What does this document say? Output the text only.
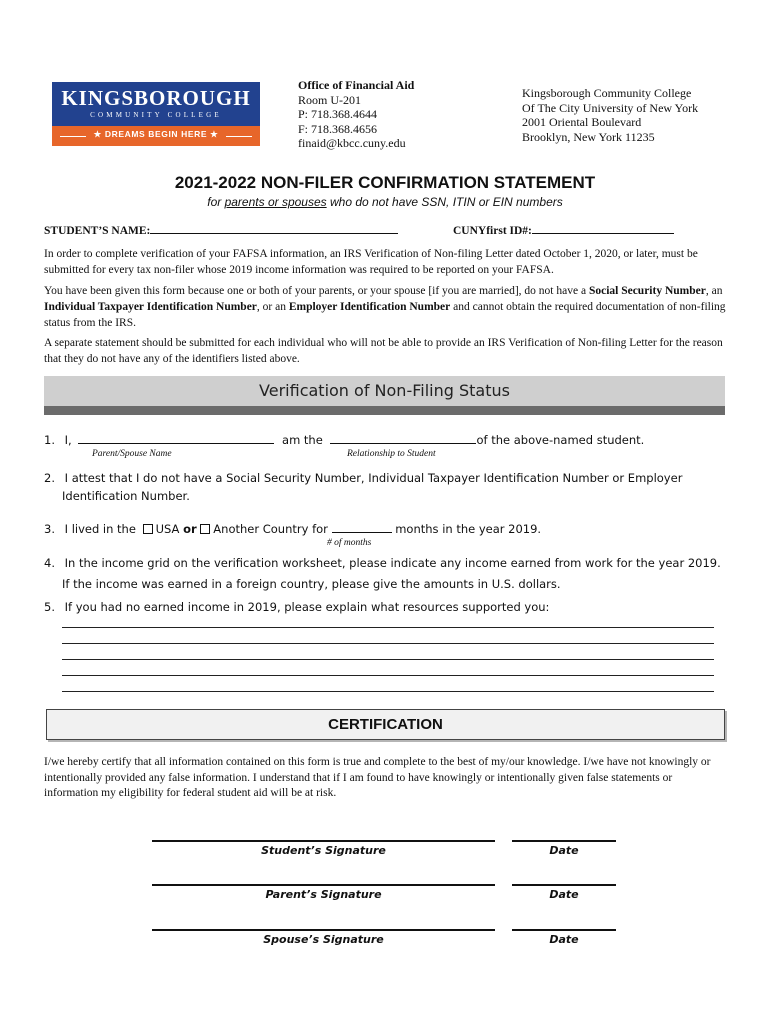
KINGSBOROUGH
COMMUNITY COLLEGE
★ DREAMS BEGIN HERE ★
Office of Financial Aid
Room U-201
P: 718.368.4644
F: 718.368.4656
finaid@kbcc.cuny.edu
Kingsborough Community College
Of The City University of New York
2001 Oriental Boulevard
Brooklyn, New York 11235
2021-2022 NON-FILER CONFIRMATION STATEMENT
for parents or spouses who do not have SSN, ITIN or EIN numbers
STUDENT’S NAME:	CUNYfirst ID#:
In order to complete verification of your FAFSA information, an IRS Verification of Non-filing Letter dated October 1, 2020, or later, must be submitted for every tax non-filer whose 2019 income information was required to be reported on your FAFSA.
You have been given this form because one or both of your parents, or your spouse [if you are married], do not have a Social Security Number, an Individual Taxpayer Identification Number, or an Employer Identification Number and cannot obtain the required documentation of non-filing status from the IRS.
A separate statement should be submitted for each individual who will not be able to provide an IRS Verification of Non-filing Letter for the reason that they do not have any of the identifiers listed above.
Verification of Non-Filing Status
1. I,	am the	of the above-named student.
Parent/Spouse Name	Relationship to Student
2. I attest that I do not have a Social Security Number, Individual Taxpayer Identification Number or Employer
Identification Number.
3. I lived in the USA or Another Country for	months in the year 2019.
# of months
4. In the income grid on the verification worksheet, please indicate any income earned from work for the year 2019.
If the income was earned in a foreign country, please give the amounts in U.S. dollars.
5. If you had no earned income in 2019, please explain what resources supported you:
CERTIFICATION
I/we hereby certify that all information contained on this form is true and complete to the best of my/our knowledge. I/we have not knowingly or intentionally provided any false information. I understand that if I am found to have knowingly or intentionally given false statements or information my eligibility for federal student aid will be at risk.
Student’s Signature	Date
Parent’s Signature	Date
Spouse’s Signature	Date
